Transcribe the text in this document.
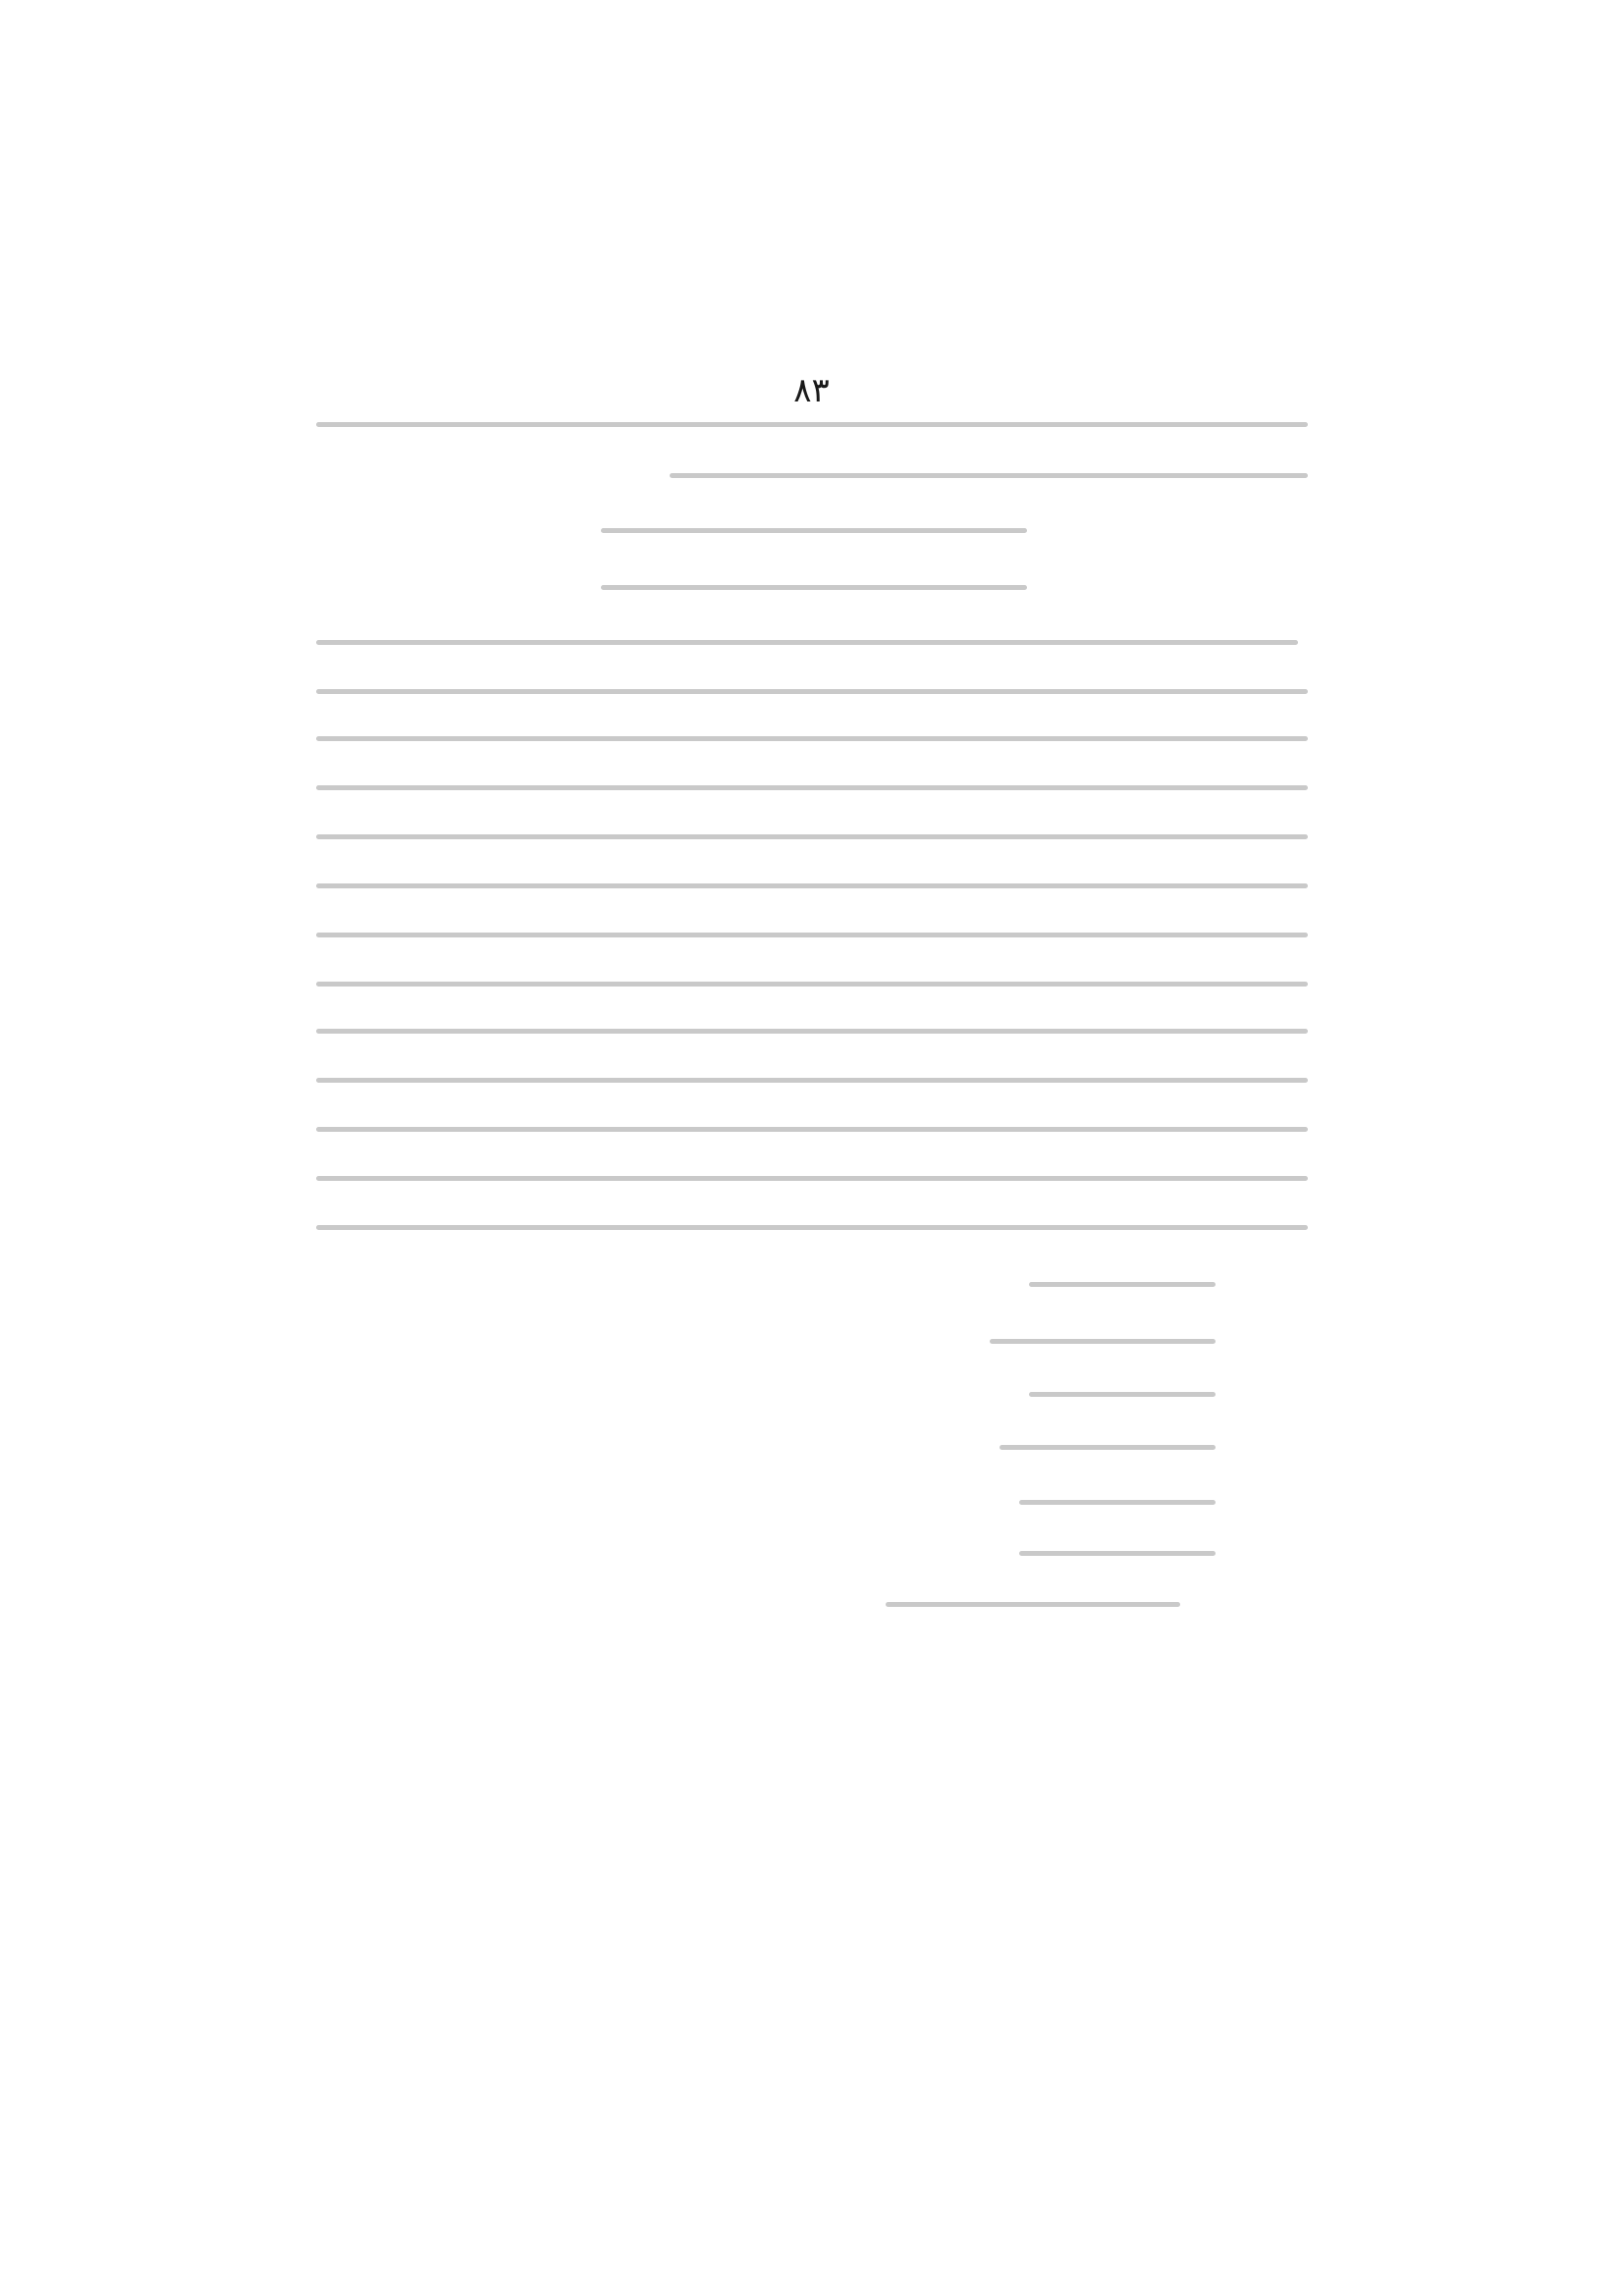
٨٣
